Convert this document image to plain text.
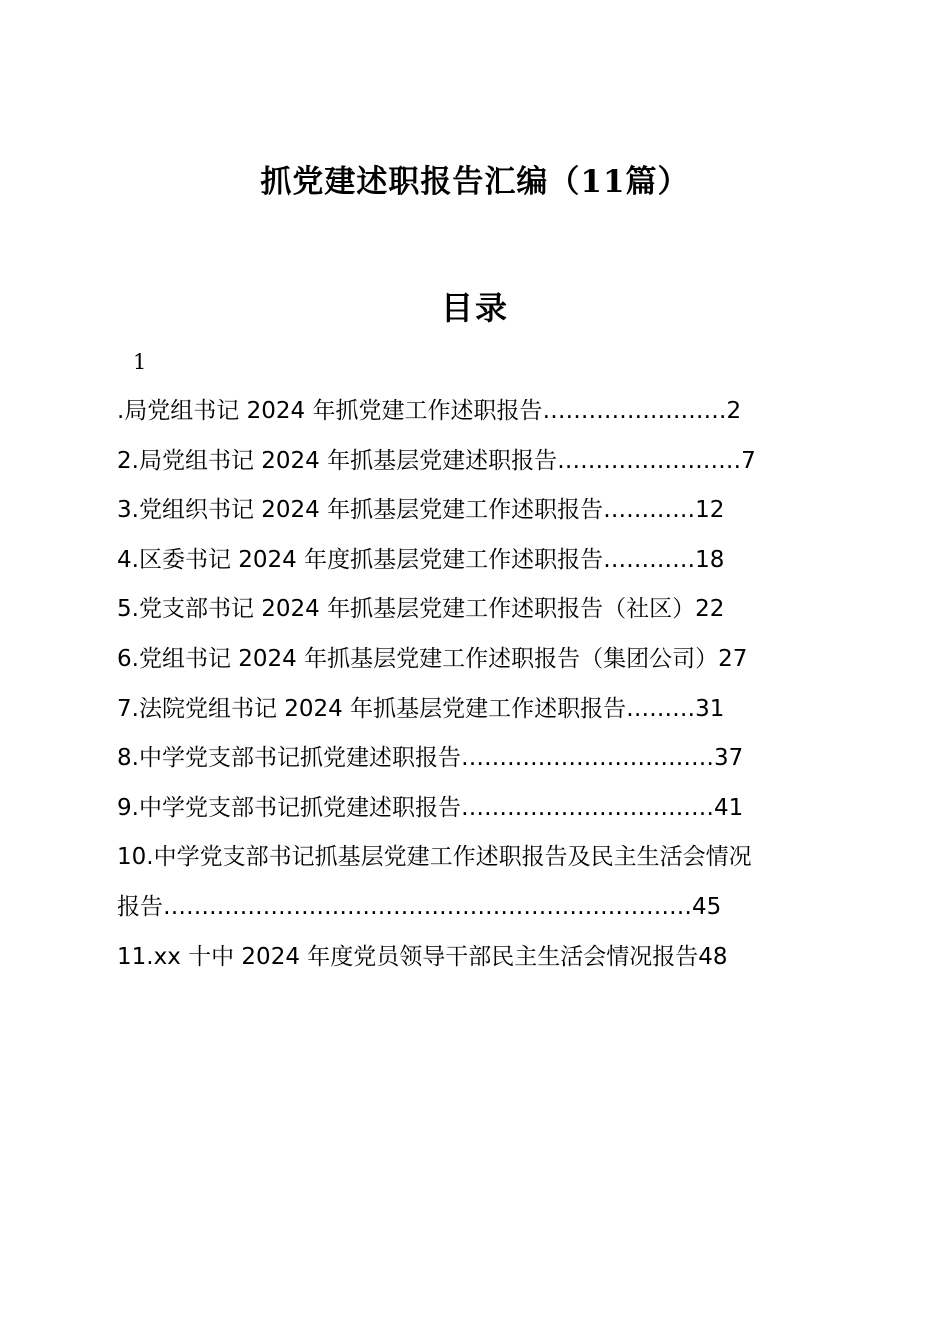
抓党建述职报告汇编（11篇）
目录
1
.局党组书记 2024 年抓党建工作述职报告……………………2
2.局党组书记 2024 年抓基层党建述职报告……………………7
3.党组织书记 2024 年抓基层党建工作述职报告…………12
4.区委书记 2024 年度抓基层党建工作述职报告…………18
5.党支部书记 2024 年抓基层党建工作述职报告（社区）22
6.党组书记 2024 年抓基层党建工作述职报告（集团公司）27
7.法院党组书记 2024 年抓基层党建工作述职报告………31
8.中学党支部书记抓党建述职报告……………………………37
9.中学党支部书记抓党建述职报告……………………………41
10.中学党支部书记抓基层党建工作述职报告及民主生活会情况
报告……………………………………………………………45
11.xx 十中 2024 年度党员领导干部民主生活会情况报告48
